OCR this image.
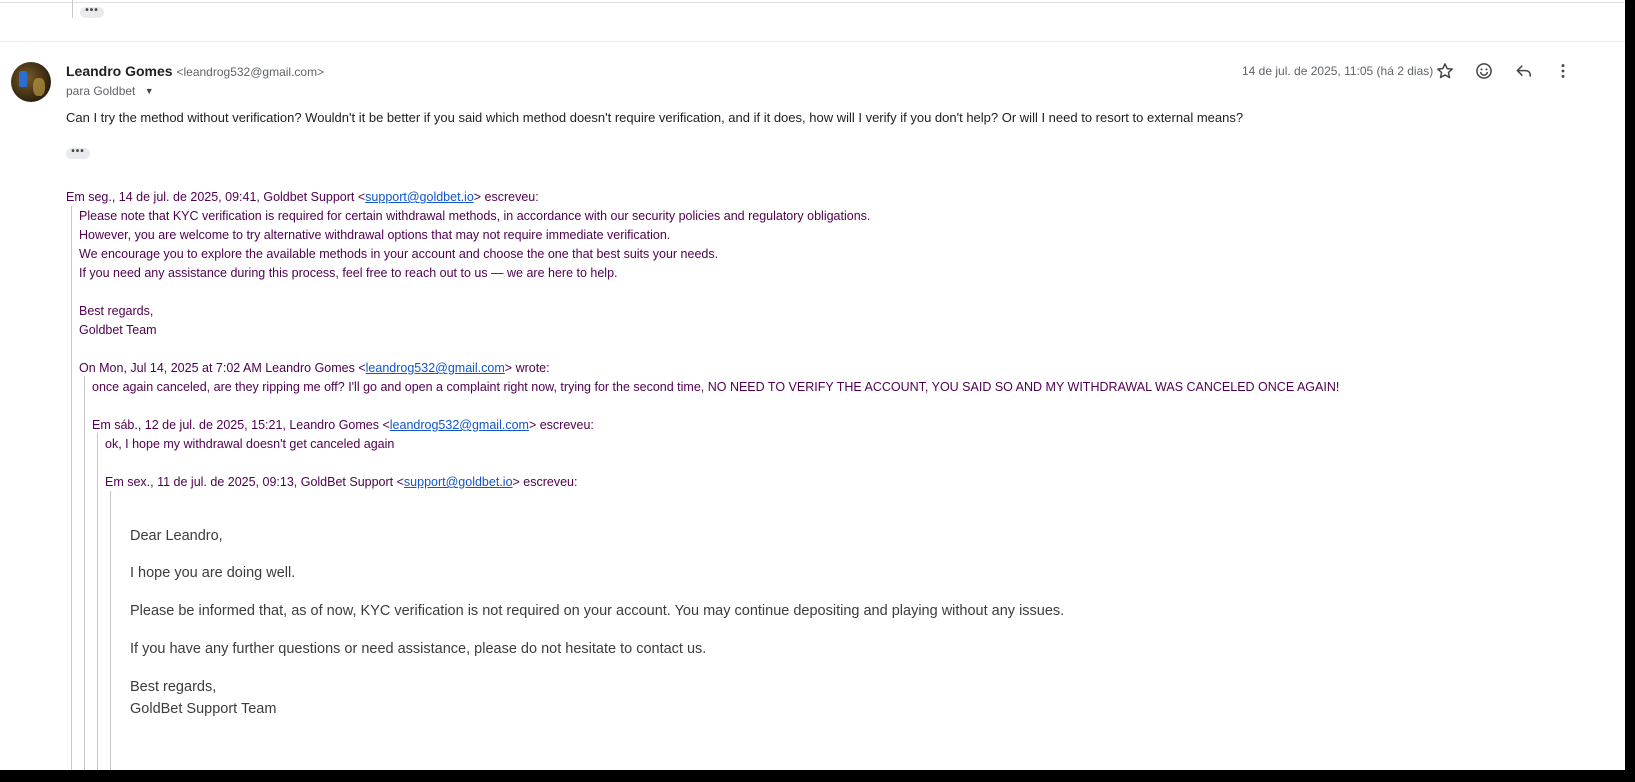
•••
Leandro Gomes <leandrog532@gmail.com>
para Goldbet ▼
14 de jul. de 2025, 11:05 (há 2 dias)
Can I try the method without verification? Wouldn't it be better if you said which method doesn't require verification, and if it does, how will I verify if you don't help? Or will I need to resort to external means?
•••
Em seg., 14 de jul. de 2025, 09:41, Goldbet Support <support@goldbet.io> escreveu:
Please note that KYC verification is required for certain withdrawal methods, in accordance with our security policies and regulatory obligations.
However, you are welcome to try alternative withdrawal options that may not require immediate verification.
We encourage you to explore the available methods in your account and choose the one that best suits your needs.
If you need any assistance during this process, feel free to reach out to us — we are here to help.
Best regards,
Goldbet Team
On Mon, Jul 14, 2025 at 7:02 AM Leandro Gomes <leandrog532@gmail.com> wrote:
once again canceled, are they ripping me off? I'll go and open a complaint right now, trying for the second time, NO NEED TO VERIFY THE ACCOUNT, YOU SAID SO AND MY WITHDRAWAL WAS CANCELED ONCE AGAIN!
Em sáb., 12 de jul. de 2025, 15:21, Leandro Gomes <leandrog532@gmail.com> escreveu:
ok, I hope my withdrawal doesn't get canceled again
Em sex., 11 de jul. de 2025, 09:13, GoldBet Support <support@goldbet.io> escreveu:
Dear Leandro,
I hope you are doing well.
Please be informed that, as of now, KYC verification is not required on your account. You may continue depositing and playing without any issues.
If you have any further questions or need assistance, please do not hesitate to contact us.
Best regards,
GoldBet Support Team
